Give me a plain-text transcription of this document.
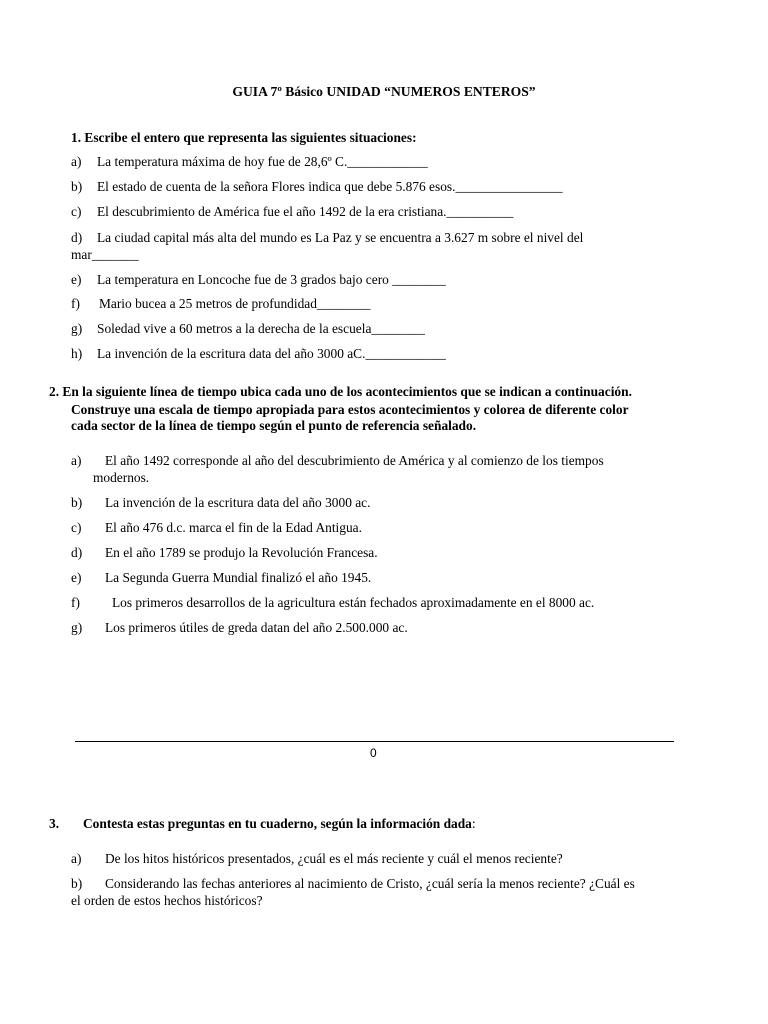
GUIA 7º Básico UNIDAD “NUMEROS ENTEROS”
1. Escribe el entero que representa las siguientes situaciones:
a) La temperatura máxima de hoy fue de 28,6º C.____________
b) El estado de cuenta de la señora Flores indica que debe 5.876 esos.________________
c) El descubrimiento de América fue el año 1492 de la era cristiana.__________
d) La ciudad capital más alta del mundo es La Paz y se encuentra a 3.627 m sobre el nivel del
mar_______
e) La temperatura en Loncoche fue de 3 grados bajo cero ________
f) Mario bucea a 25 metros de profundidad________
g) Soledad vive a 60 metros a la derecha de la escuela________
h) La invención de la escritura data del año 3000 aC.____________
2. En la siguiente línea de tiempo ubica cada uno de los acontecimientos que se indican a continuación.
Construye una escala de tiempo apropiada para estos acontecimientos y colorea de diferente color
cada sector de la línea de tiempo según el punto de referencia señalado.
a) El año 1492 corresponde al año del descubrimiento de América y al comienzo de los tiempos
modernos.
b) La invención de la escritura data del año 3000 ac.
c) El año 476 d.c. marca el fin de la Edad Antigua.
d) En el año 1789 se produjo la Revolución Francesa.
e) La Segunda Guerra Mundial finalizó el año 1945.
f) Los primeros desarrollos de la agricultura están fechados aproximadamente en el 8000 ac.
g) Los primeros útiles de greda datan del año 2.500.000 ac.
0
3. Contesta estas preguntas en tu cuaderno, según la información dada:
a) De los hitos históricos presentados, ¿cuál es el más reciente y cuál el menos reciente?
b) Considerando las fechas anteriores al nacimiento de Cristo, ¿cuál sería la menos reciente? ¿Cuál es
el orden de estos hechos históricos?
